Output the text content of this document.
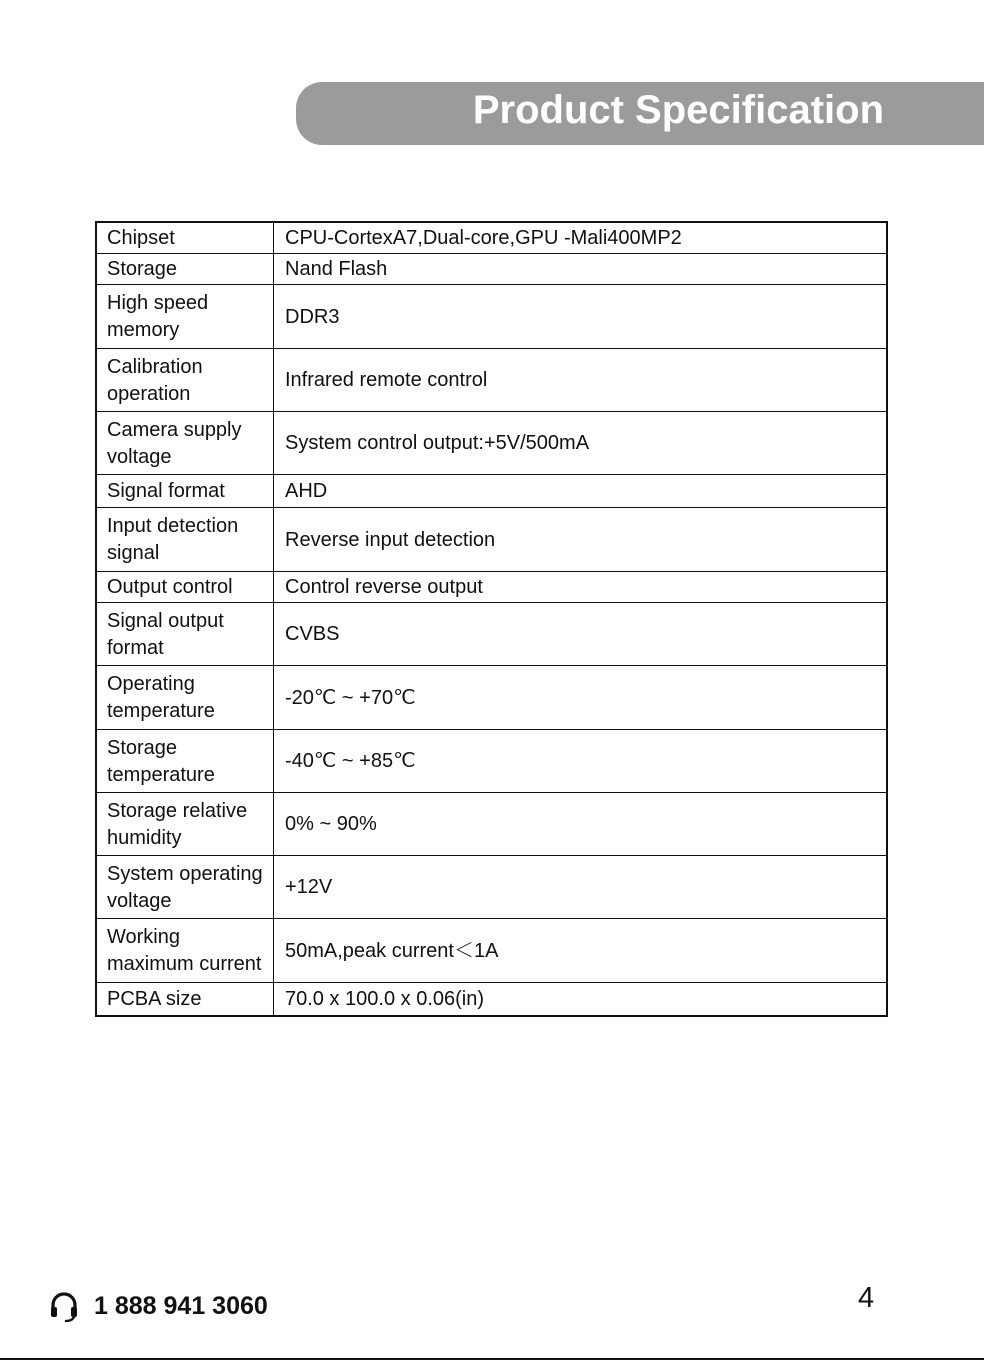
Product Specification
Chipset	CPU-CortexA7,Dual-core,GPU -Mali400MP2
Storage	Nand Flash
High speed memory	DDR3
Calibration operation	Infrared remote control
Camera supply voltage	System control output:+5V/500mA
Signal format	AHD
Input detection signal	Reverse input detection
Output control	Control reverse output
Signal output format	CVBS
Operating temperature	-20℃ ~ +70℃
Storage temperature	-40℃ ~ +85℃
Storage relative humidity	0% ~ 90%
System operating voltage	+12V
Working maximum current	50mA,peak current＜1A
PCBA size	70.0 x 100.0 x 0.06(in)
1 888 941 3060	4
